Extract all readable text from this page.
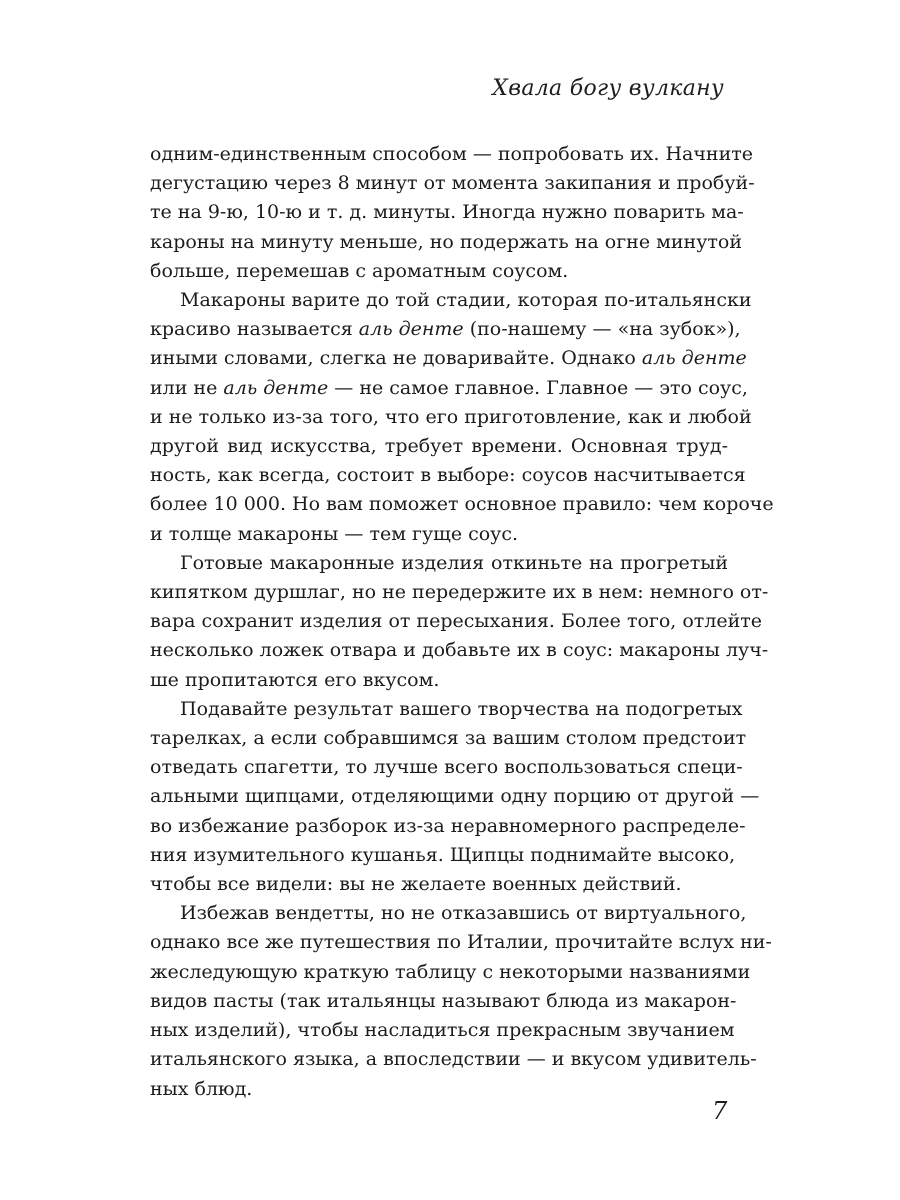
Хвала богу вулкану

одним-единственным способом — попробовать их. Начните
дегустацию через 8 минут от момента закипания и пробуй-
те на 9-ю, 10-ю и т. д. минуты. Иногда нужно поварить ма-
кароны на минуту меньше, но подержать на огне минутой
больше, перемешав с ароматным соусом.

Макароны варите до той стадии, которая по-итальянски
красиво называется аль денте (по-нашему — «на зубок»),
иными словами, слегка не доваривайте. Однако аль денте
или не аль денте — не самое главное. Главное — это соус,
и не только из-за того, что его приготовление, как и любой
другой вид искусства, требует времени. Основная труд-
ность, как всегда, состоит в выборе: соусов насчитывается
более 10 000. Но вам поможет основное правило: чем короче
и толще макароны — тем гуще соус.

Готовые макаронные изделия откиньте на прогретый
кипятком дуршлаг, но не передержите их в нем: немного от-
вара сохранит изделия от пересыхания. Более того, отлейте
несколько ложек отвара и добавьте их в соус: макароны луч-
ше пропитаются его вкусом.

Подавайте результат вашего творчества на подогретых
тарелках, а если собравшимся за вашим столом предстоит
отведать спагетти, то лучше всего воспользоваться специ-
альными щипцами, отделяющими одну порцию от другой —
во избежание разборок из-за неравномерного распределе-
ния изумительного кушанья. Щипцы поднимайте высоко,
чтобы все видели: вы не желаете военных действий.

Избежав вендетты, но не отказавшись от виртуального,
однако все же путешествия по Италии, прочитайте вслух ни-
жеследующую краткую таблицу с некоторыми названиями
видов пасты (так итальянцы называют блюда из макарон-
ных изделий), чтобы насладиться прекрасным звучанием
итальянского языка, а впоследствии — и вкусом удивитель-
ных блюд.

7
